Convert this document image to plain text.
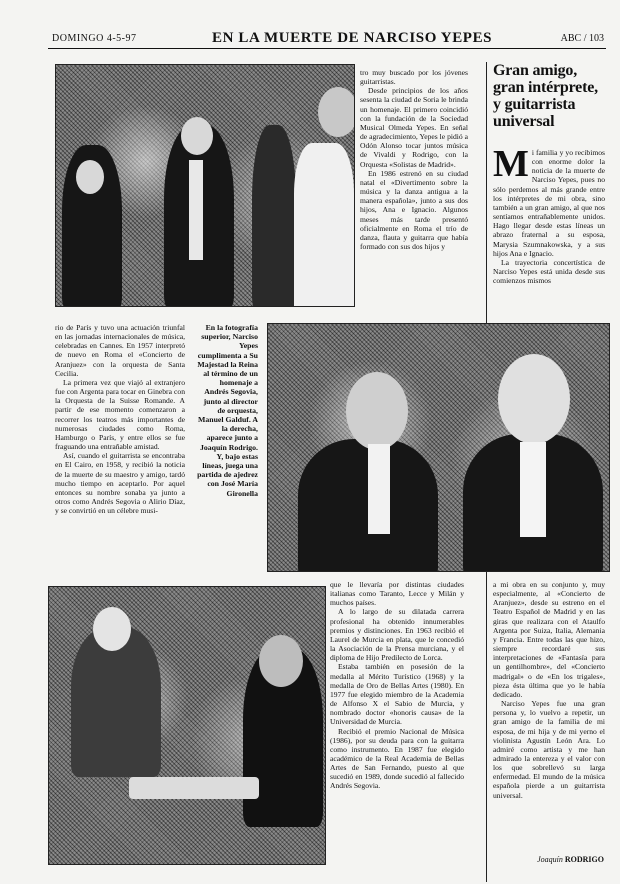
DOMINGO 4-5-97	EN LA MUERTE DE NARCISO YEPES	ABC / 103

tro muy buscado por los jóvenes guitarristas.

Desde principios de los años sesenta la ciudad de Soria le brinda un homenaje. El primero coincidió con la fundación de la Sociedad Musical Olmeda Yepes. En señal de agradecimiento, Yepes le pidió a Odón Alonso tocar juntos música de Vivaldi y Rodrigo, con la Orquesta «Solistas de Madrid».

En 1986 estrenó en su ciudad natal el «Divertimento sobre la música y la danza antigua a la manera española», junto a sus dos hijos, Ana e Ignacio. Algunos meses más tarde presentó oficialmente en Roma el trío de danza, flauta y guitarra que había formado con sus dos hijos y

Gran amigo, gran intérprete, y guitarrista universal
M i familia y yo recibimos con enorme dolor la noticia de la muerte de Narciso Yepes, pues no sólo perdemos al más grande entre los intérpretes de mi obra, sino también a un gran amigo, al que nos sentíamos entrañablemente unidos. Hago llegar desde estas líneas un abrazo fraternal a su esposa, Marysia Szumnakowska, y a sus hijos Ana e Ignacio.

La trayectoria concertística de Narciso Yepes está unida desde sus comienzos mismos

rio de París y tuvo una actuación triunfal en las jornadas internacionales de música, celebradas en Cannes. En 1957 interpretó de nuevo en Roma el «Concierto de Aranjuez» con la orquesta de Santa Cecilia.

La primera vez que viajó al extranjero fue con Argenta para tocar en Ginebra con la Orquesta de la Suisse Romande. A partir de ese momento comenzaron a recorrer los teatros más importantes de numerosas ciudades como Roma, Hamburgo o París, y entre ellos se fue fraguando una entrañable amistad.

Así, cuando el guitarrista se encontraba en El Cairo, en 1958, y recibió la noticia de la muerte de su maestro y amigo, tardó mucho tiempo en aceptarlo. Por aquel entonces su nombre sonaba ya junto a otros como Andrés Segovia o Alirio Díaz, y se convirtió en un célebre musi-

En la fotografía superior, Narciso Yepes cumplimenta a Su Majestad la Reina al término de un homenaje a Andrés Segovia, junto al director de orquesta, Manuel Galduf. A la derecha, aparece junto a Joaquín Rodrigo. Y, bajo estas líneas, juega una partida de ajedrez con José María Gironella

que le llevaría por distintas ciudades italianas como Taranto, Lecce y Milán y muchos países.

A lo largo de su dilatada carrera profesional ha obtenido innumerables premios y distinciones. En 1963 recibió el Laurel de Murcia en plata, que le concedió la Asociación de la Prensa murciana, y el diploma de Hijo Predilecto de Lorca.

Estaba también en posesión de la medalla al Mérito Turístico (1968) y la medalla de Oro de Bellas Artes (1980). En 1977 fue elegido miembro de la Academia de Alfonso X el Sabio de Murcia, y nombrado doctor «honoris causa» de la Universidad de Murcia.

Recibió el premio Nacional de Música (1986), por su deuda para con la guitarra como instrumento. En 1987 fue elegido académico de la Real Academia de Bellas Artes de San Fernando, puesto al que sucedió en 1989, donde sucedió al fallecido Andrés Segovia.

a mi obra en su conjunto y, muy especialmente, al «Concierto de Aranjuez», desde su estreno en el Teatro Español de Madrid y en las giras que realizara con el Ataulfo Argenta por Suiza, Italia, Alemania y Francia. Entre todas las que hizo, siempre recordaré sus interpretaciones de «Fantasía para un gentilhombre», del «Concierto madrigal» o de «En los trigales», pieza ésta última que yo le había dedicado.

Narciso Yepes fue una gran persona y, lo vuelvo a repetir, un gran amigo de la familia de mi esposa, de mi hija y de mi yerno el violinista Agustín León Ara. Lo admiré como artista y me han admirado la entereza y el valor con los que sobrellevó su larga enfermedad. El mundo de la música española pierde a un guitarrista universal.

Joaquín RODRIGO
